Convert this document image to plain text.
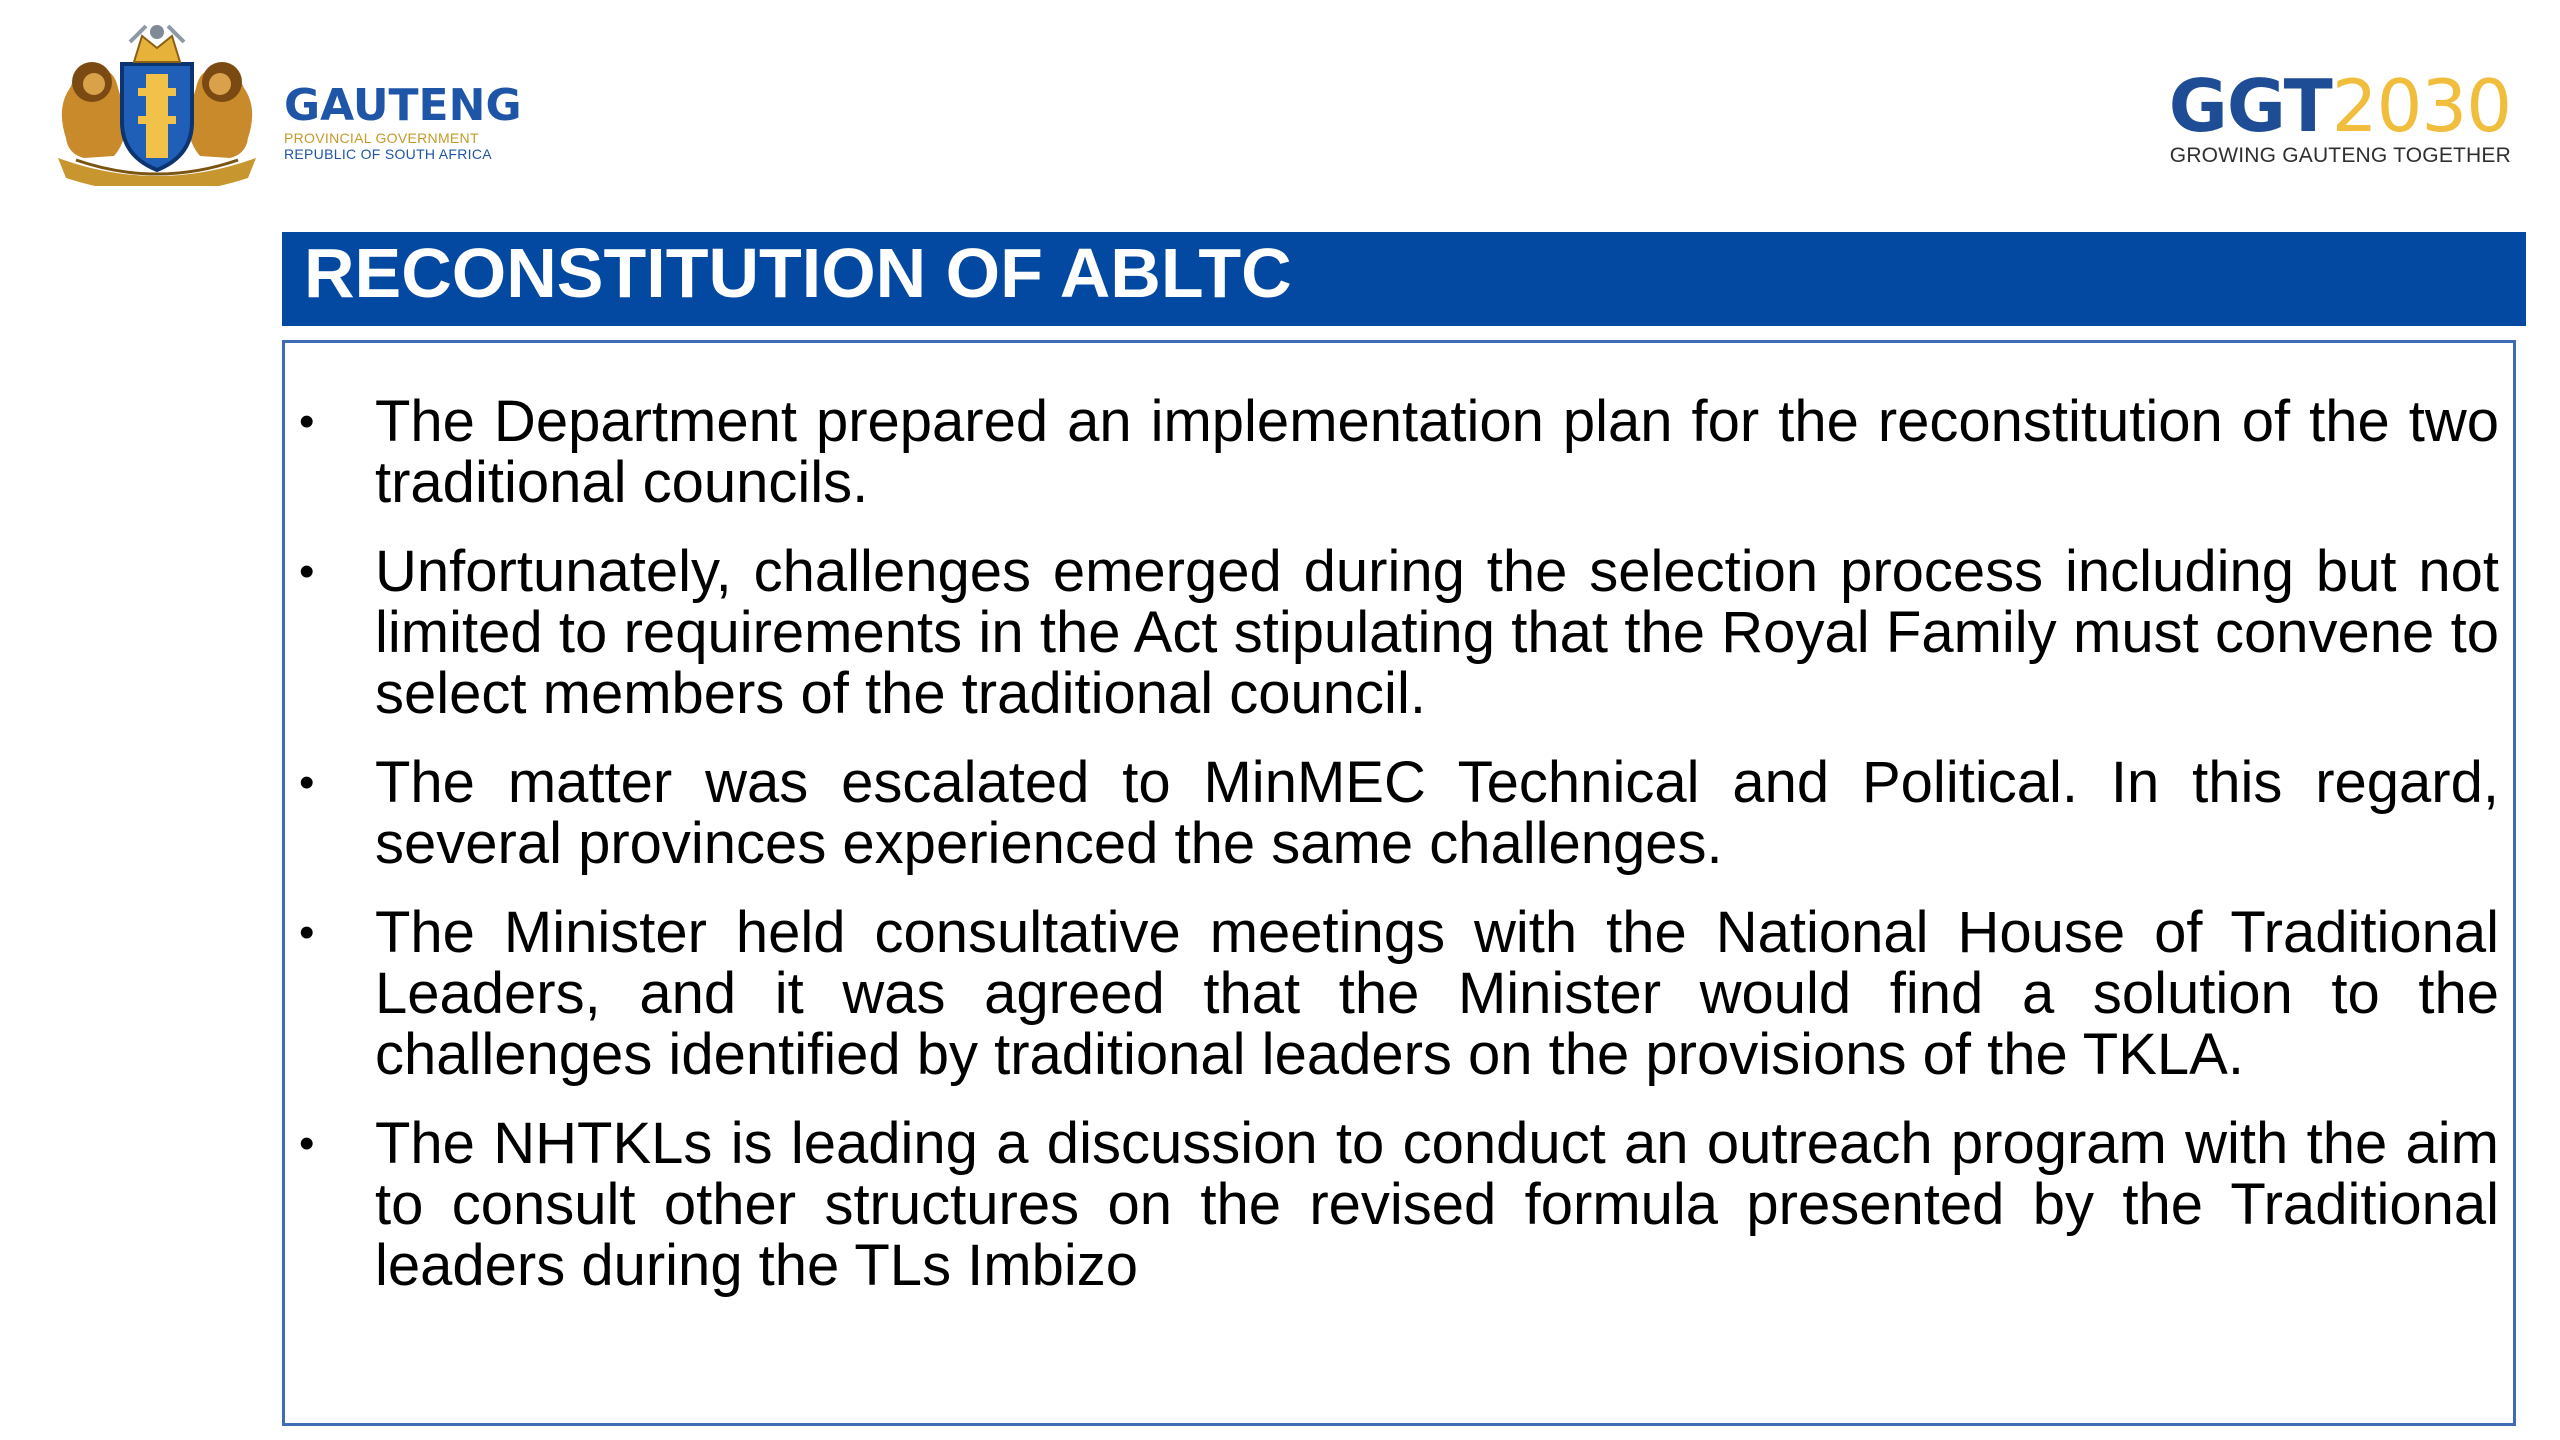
GAUTENG
PROVINCIAL GOVERNMENT
REPUBLIC OF SOUTH AFRICA
GGT2030
GROWING GAUTENG TOGETHER
RECONSTITUTION OF ABLTC
• The Department prepared an implementation plan for the reconstitution of the two traditional councils.
• Unfortunately, challenges emerged during the selection process including but not limited to requirements in the Act stipulating that the Royal Family must convene to select members of the traditional council.
• The matter was escalated to MinMEC Technical and Political. In this regard, several provinces experienced the same challenges.
• The Minister held consultative meetings with the National House of Traditional Leaders, and it was agreed that the Minister would find a solution to the challenges identified by traditional leaders on the provisions of the TKLA.
• The NHTKLs is leading a discussion to conduct an outreach program with the aim to consult other structures on the revised formula presented by the Traditional leaders during the TLs Imbizo
